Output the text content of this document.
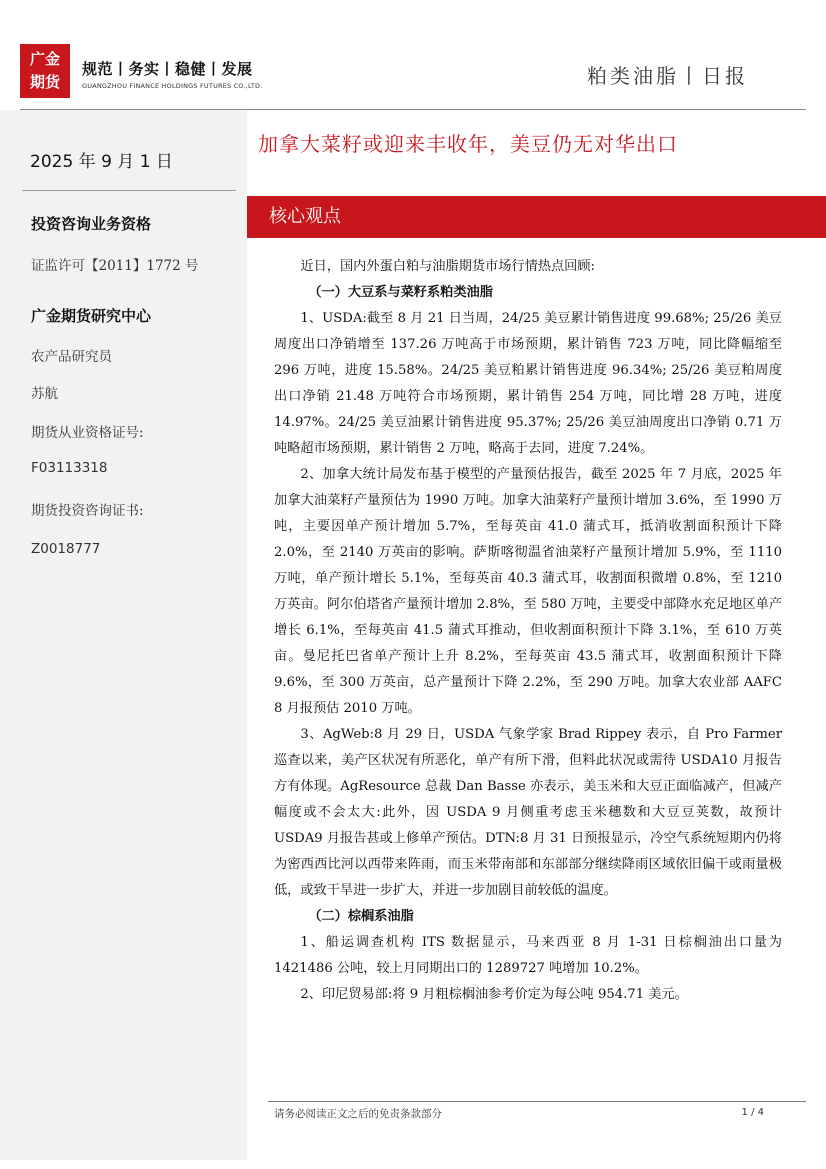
广金
期货
规范丨务实丨稳健丨发展
GUANGZHOU FINANCE HOLDINGS FUTURES CO.,LTD.	粕类油脂丨日报
2025 年 9 月 1 日
投资咨询业务资格
证监许可【2011】1772 号
广金期货研究中心
农产品研究员
苏航
期货从业资格证号:
F03113318
期货投资咨询证书:
Z0018777
加拿大菜籽或迎来丰收年，美豆仍无对华出口
核心观点

近日，国内外蛋白粕与油脂期货市场行情热点回顾:

（一）大豆系与菜籽系粕类油脂

1、USDA:截至 8 月 21 日当周，24/25 美豆累计销售进度 99.68%; 25/26 美豆周度出口净销增至 137.26 万吨高于市场预期，累计销售 723 万吨，同比降幅缩至 296 万吨，进度 15.58%。24/25 美豆粕累计销售进度 96.34%; 25/26 美豆粕周度出口净销 21.48 万吨符合市场预期，累计销售 254 万吨，同比增 28 万吨，进度 14.97%。24/25 美豆油累计销售进度 95.37%; 25/26 美豆油周度出口净销 0.71 万吨略超市场预期，累计销售 2 万吨，略高于去同，进度 7.24%。

2、加拿大统计局发布基于模型的产量预估报告，截至 2025 年 7 月底，2025 年加拿大油菜籽产量预估为 1990 万吨。加拿大油菜籽产量预计增加 3.6%，至 1990 万吨，主要因单产预计增加 5.7%，至每英亩 41.0 蒲式耳，抵消收割面积预计下降 2.0%，至 2140 万英亩的影响。萨斯喀彻温省油菜籽产量预计增加 5.9%，至 1110 万吨，单产预计增长 5.1%，至每英亩 40.3 蒲式耳，收割面积微增 0.8%，至 1210 万英亩。阿尔伯塔省产量预计增加 2.8%，至 580 万吨，主要受中部降水充足地区单产增长 6.1%，至每英亩 41.5 蒲式耳推动，但收割面积预计下降 3.1%，至 610 万英亩。曼尼托巴省单产预计上升 8.2%，至每英亩 43.5 蒲式耳，收割面积预计下降 9.6%，至 300 万英亩，总产量预计下降 2.2%，至 290 万吨。加拿大农业部 AAFC 8 月报预估 2010 万吨。

3、AgWeb:8 月 29 日，USDA 气象学家 Brad Rippey 表示，自 Pro Farmer 巡查以来，美产区状况有所恶化，单产有所下滑，但料此状况或需待 USDA10 月报告方有体现。AgResource 总裁 Dan Basse 亦表示，美玉米和大豆正面临减产，但减产幅度或不会太大:此外，因 USDA 9 月侧重考虑玉米穗数和大豆豆荚数，故预计 USDA9 月报告甚或上修单产预估。DTN:8 月 31 日预报显示，冷空气系统短期内仍将为密西西比河以西带来阵雨，而玉米带南部和东部部分继续降雨区域依旧偏干或雨量极低，或致干旱进一步扩大，并进一步加剧目前较低的温度。

（二）棕榈系油脂

1、船运调查机构 ITS 数据显示，马来西亚 8 月 1-31 日棕榈油出口量为 1421486 公吨，较上月同期出口的 1289727 吨增加 10.2%。

2、印尼贸易部:将 9 月粗棕榈油参考价定为每公吨 954.71 美元。

请务必阅读正文之后的免责条款部分	1 / 4
